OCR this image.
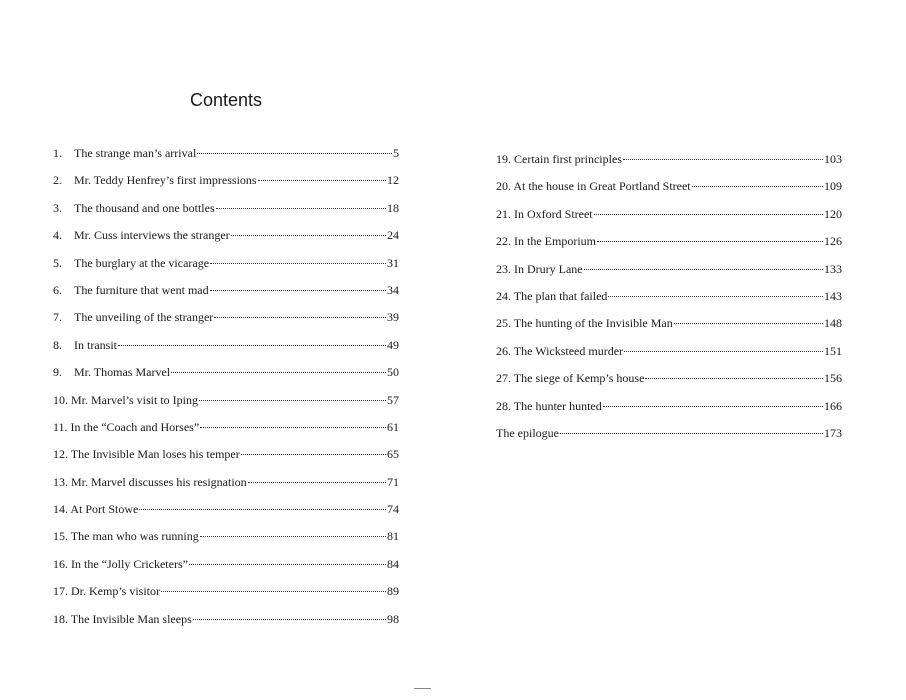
Contents
1. The strange man’s arrival	5
2. Mr. Teddy Henfrey’s first impressions	12
3. The thousand and one bottles	18
4. Mr. Cuss interviews the stranger	24
5. The burglary at the vicarage	31
6. The furniture that went mad	34
7. The unveiling of the stranger	39
8. In transit	49
9. Mr. Thomas Marvel	50
10. Mr. Marvel’s visit to Iping	57
11. In the “Coach and Horses”	61
12. The Invisible Man loses his temper	65
13. Mr. Marvel discusses his resignation	71
14. At Port Stowe	74
15. The man who was running	81
16. In the “Jolly Cricketers”	84
17. Dr. Kemp’s visitor	89
18. The Invisible Man sleeps	98
19. Certain first principles	103
20. At the house in Great Portland Street	109
21. In Oxford Street	120
22. In the Emporium	126
23. In Drury Lane	133
24. The plan that failed	143
25. The hunting of the Invisible Man	148
26. The Wicksteed murder	151
27. The siege of Kemp’s house	156
28. The hunter hunted	166
The epilogue	173
